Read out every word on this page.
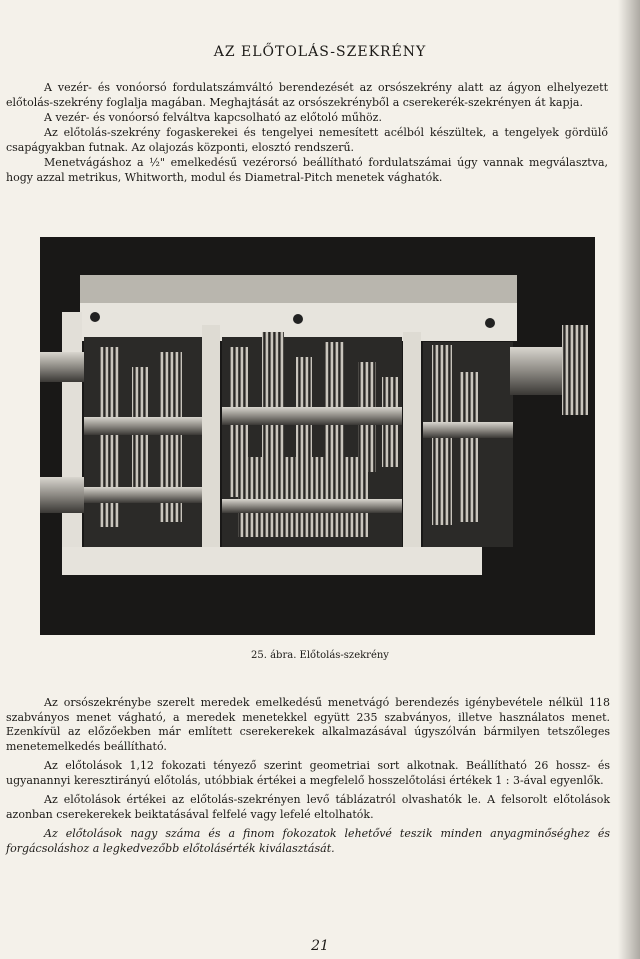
AZ ELŐTOLÁS-SZEKRÉNY

A vezér- és vonóorsó fordulatszámváltó berendezését az orsószekrény alatt az ágyon elhelyezett előtolás-szekrény foglalja magában. Meghajtását az orsószekrényből a cserekerék-szekrényen át kapja.

A vezér- és vonóorsó felváltva kapcsolható az előtoló műhöz.

Az előtolás-szekrény fogaskerekei és tengelyei nemesített acélból készültek, a tengelyek gördülő csapágyakban futnak. Az olajozás központi, elosztó rendszerű.

Menetvágáshoz a ½" emelkedésű vezérorsó beállítható fordulatszámai úgy vannak megválasztva, hogy azzal metrikus, Whitworth, modul és Diametral-Pitch menetek vághatók.

25. ábra. Előtolás-szekrény

Az orsószekrénybe szerelt meredek emelkedésű menetvágó berendezés igénybevétele nélkül 118 szabványos menet vágható, a meredek menetekkel együtt 235 szabványos, illetve használatos menet. Ezenkívül az előzőekben már említett cserekerekek alkalmazásával úgyszólván bármilyen tetszőleges menetemelkedés beállítható.

Az előtolások 1,12 fokozati tényező szerint geometriai sort alkotnak. Beállítható 26 hossz- és ugyanannyi keresztirányú előtolás, utóbbiak értékei a megfelelő hosszelőtolási értékek 1 : 3-ával egyenlők.

Az előtolások értékei az előtolás-szekrényen levő táblázatról olvashatók le. A felsorolt előtolások azonban cserekerekek beiktatásával felfelé vagy lefelé eltolhatók.

Az előtolások nagy száma és a finom fokozatok lehetővé teszik minden anyagminőséghez és forgácsoláshoz a legkedvezőbb előtolásérték kiválasztását.

21
